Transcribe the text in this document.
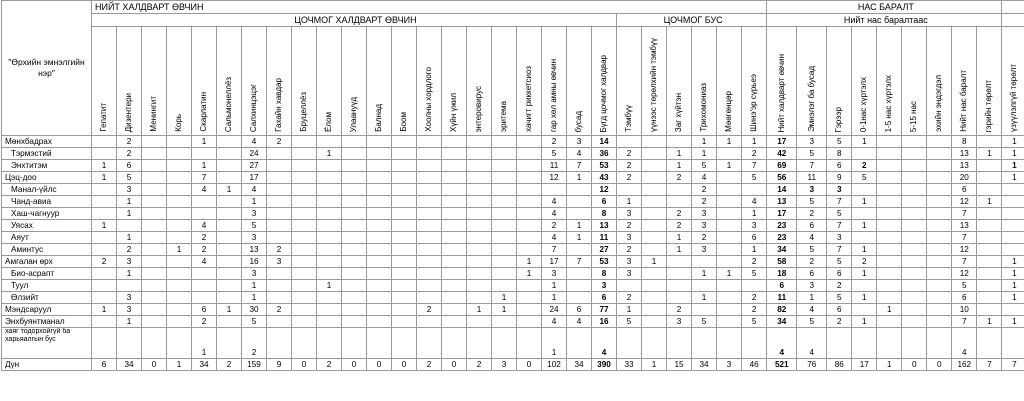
"Өрхийн эмнэлгийн нэр"	НИЙТ ХАЛДВАРТ ӨВЧИН																											НАС БАРАЛТ									
	ЦОЧМОГ ХАЛДВАРТ ӨВЧИН																					ЦОЧМОГ БУС						Нийт нас баралтаас									

	Гепатит	Дизентери	Менингит	Корь	Скарлатин	Сальмонеллёз	Салхинцэцэг	Гахайн хавдар	Бруцеллёз	Ёлом	Улаануүд	Балнад	Боом	Хоолны хордлого	Хүйн үжил	энтеровирус	эритема	хачигт риккетсиоз	гар хөл амны өвчин	бусад	Бүгд цочмог халдвар	Тэмбүү	үүнээс төрөлхийн тэмбүү	Заг хүйтэн	Трихомониаз	Мөөгөнцөр	Шинэ'эр сүрьеэ	Нийт халдварт өвчин	Эмнэлэг ба бусад	Гэрээр	0-1нас хүртэлх	1-5 нас хүртэлх	5-15 нас	эхийн эндэгдэл	Нийт нас баралт	гэрийн төрөлт	үзүүлэлгүй төрөлт

Мөнхбадрах		2			1		4	2											2	3	14				1	1	1	17	3	5	1				8		1
Тэрмэстий		2					24			1									5	4	36	2		1	1		2	42	5	8					13	1	1
Энхтитэм	1	6			1		27												11	7	53	2		1	5	1	7	69	7	6	2				13		1
Цэц-доо	1	5			7		17												12	1	43	2		2	4		5	56	11	9	5				20		1
Манал-үйлс		3			4	1	4														12				2			14	3	3					6		
Чанд-авиа		1					1												4		6	1			2		4	13	5	7	1				12	1	
Хаш-чагнуур		1					3												4		8	3		2	3		1	17	2	5					7		
Уясах	1				4		5												2	1	13	2		2	3		3	23	6	7	1				13		
Аяут		1			2		3												4	1	11	3		1	2		6	23	4	3					7		
Аминтус		2		1	2		13	2											7		27	2		1	3		1	34	5	7	1				12		
Амгалан өрх	2	3			4		16	3										1	17	7	53	3	1				2	58	2	5	2				7		1
Био-асрапт		1					3											1	3		8	3			1	1	5	18	6	6	1				12		1
Туул							1			1									1		3							6	3	2					5		1
Өлзийт		3					1										1		1		6	2			1		2	11	1	5	1				6		1
Мэндсаруул	1	3			6	1	30	2						2		1	1		24	6	77	1		2			2	82	4	6		1			10		
Энхбуянтманал		1			2		5												4	4	16	5		3	5		5	34	5	2	1				7	1	1
хаяг тодорхойгүй ба харьяалгын бус					1		2												1		4							4	4						4		
Дүн	6	34	0	1	34	2	159	9	0	2	0	0	0	2	0	2	3	0	102	34	390	33	1	15	34	3	46	521	76	86	17	1	0	0	162	7	7
